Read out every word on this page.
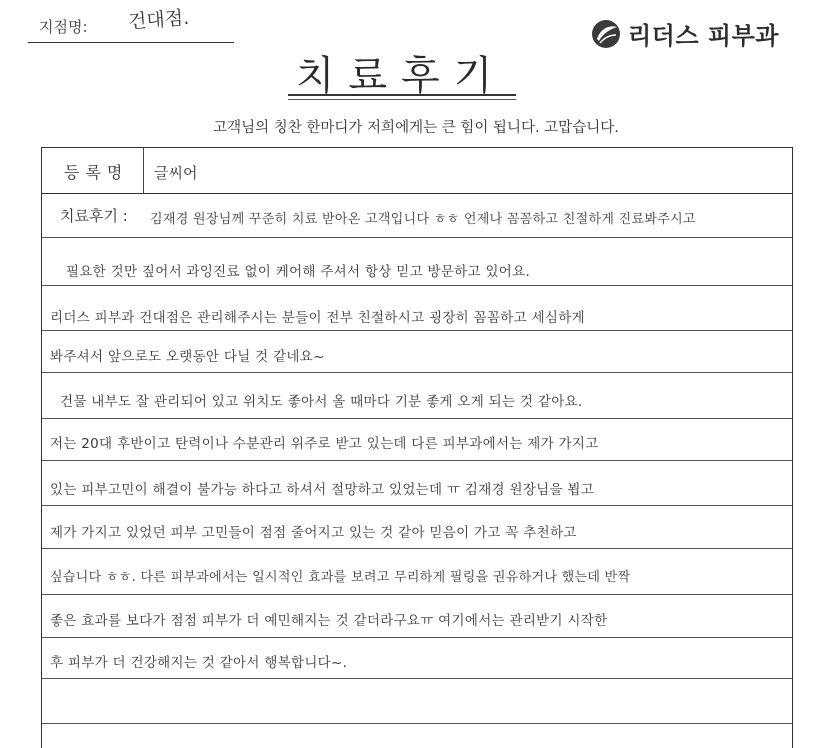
지점명: 건대점.
리더스 피부과
치료후기
고객님의 칭찬 한마디가 저희에게는 큰 힘이 됩니다. 고맙습니다.
등록명 글씨어
치료후기 : 김재경 원장님께 꾸준히 치료 받아온 고객입니다 ㅎㅎ 언제나 꼼꼼하고 친절하게 진료봐주시고
필요한 것만 짚어서 과잉진료 없이 케어해 주셔서 항상 믿고 방문하고 있어요.
리더스 피부과 건대점은 관리해주시는 분들이 전부 친절하시고 굉장히 꼼꼼하고 세심하게
봐주셔서 앞으로도 오랫동안 다닐 것 같네요~
건물 내부도 잘 관리되어 있고 위치도 좋아서 올 때마다 기분 좋게 오게 되는 것 같아요.
저는 20대 후반이고 탄력이나 수분관리 위주로 받고 있는데 다른 피부과에서는 제가 가지고
있는 피부고민이 해결이 불가능 하다고 하셔서 절망하고 있었는데 ㅠ 김재경 원장님을 뵙고
제가 가지고 있었던 피부 고민들이 점점 줄어지고 있는 것 같아 믿음이 가고 꼭 추천하고
싶습니다 ㅎㅎ. 다른 피부과에서는 일시적인 효과를 보려고 무리하게 필링을 권유하거나 했는데 반짝
좋은 효과를 보다가 점점 피부가 더 예민해지는 것 같더라구요ㅠ 여기에서는 관리받기 시작한
후 피부가 더 건강해지는 것 같아서 행복합니다~.
